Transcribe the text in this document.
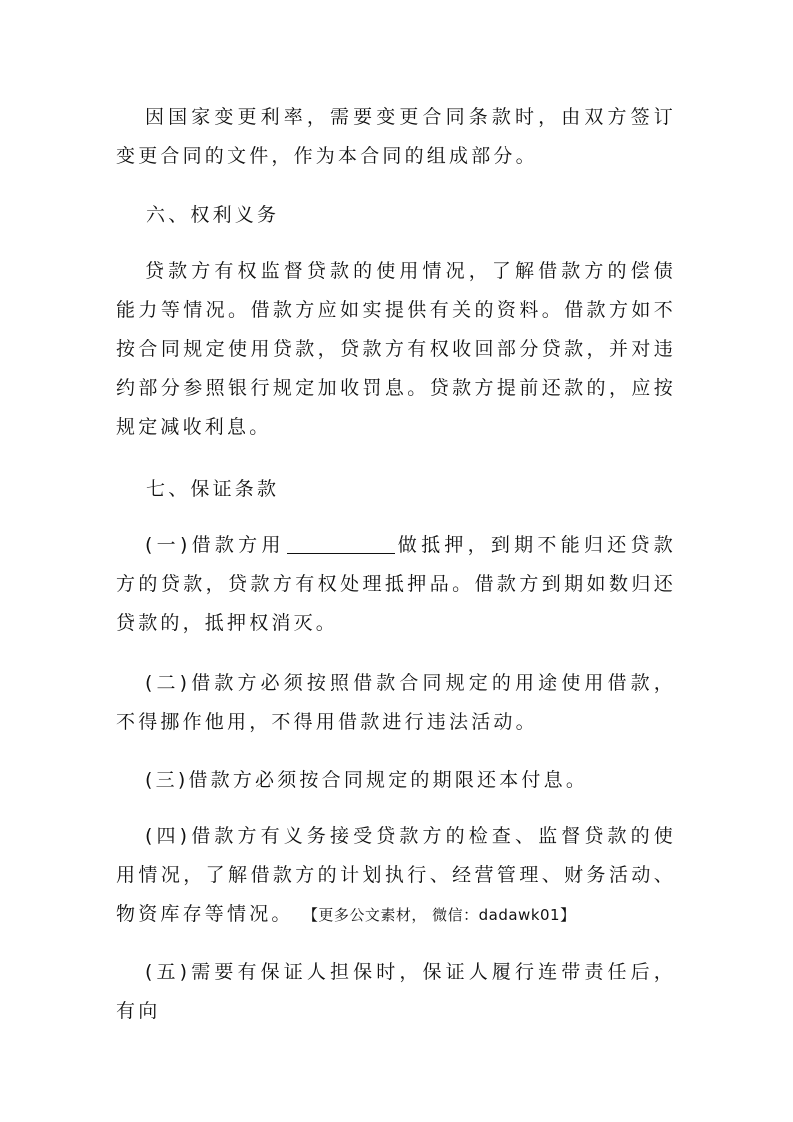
因国家变更利率，需要变更合同条款时，由双方签订变更合同的文件，作为本合同的组成部分。

六、权利义务

贷款方有权监督贷款的使用情况，了解借款方的偿债能力等情况。借款方应如实提供有关的资料。借款方如不按合同规定使用贷款，贷款方有权收回部分贷款，并对违约部分参照银行规定加收罚息。贷款方提前还款的，应按规定减收利息。

七、保证条款

(一)借款方用	做抵押，到期不能归还贷款方的贷款，贷款方有权处理抵押品。借款方到期如数归还贷款的，抵押权消灭。

(二)借款方必须按照借款合同规定的用途使用借款，不得挪作他用，不得用借款进行违法活动。

(三)借款方必须按合同规定的期限还本付息。

(四)借款方有义务接受贷款方的检查、监督贷款的使用情况，了解借款方的计划执行、经营管理、财务活动、物资库存等情况。 【更多公文素材， 微信：dadawk01】

(五)需要有保证人担保时，保证人履行连带责任后，有向
